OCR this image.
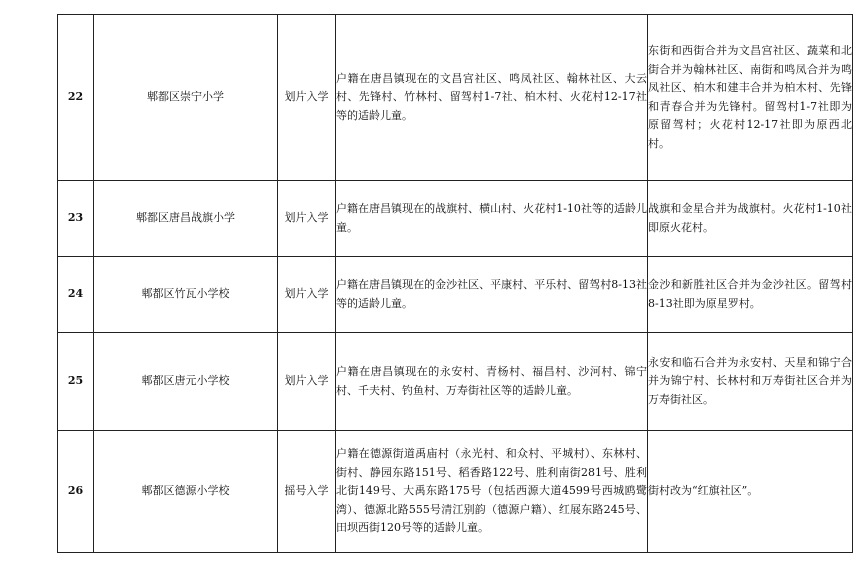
22	郫都区崇宁小学	划片入学	户籍在唐昌镇现在的文昌宫社区、鸣凤社区、翰林社区、大云村、先锋村、竹林村、留驾村1-7社、柏木村、火花村12-17社等的适龄儿童。	东街和西街合并为文昌宫社区、蔬菜和北街合并为翰林社区、南街和鸣凤合并为鸣凤社区、柏木和建丰合并为柏木村、先锋和青春合并为先锋村。留驾村1-7社即为原留驾村；火花村12-17社即为原西北村。
23	郫都区唐昌战旗小学	划片入学	户籍在唐昌镇现在的战旗村、横山村、火花村1-10社等的适龄儿童。	战旗和金星合并为战旗村。火花村1-10社即原火花村。
24	郫都区竹瓦小学校	划片入学	户籍在唐昌镇现在的金沙社区、平康村、平乐村、留驾村8-13社等的适龄儿童。	金沙和新胜社区合并为金沙社区。留驾村8-13社即为原星罗村。
25	郫都区唐元小学校	划片入学	户籍在唐昌镇现在的永安村、青杨村、福昌村、沙河村、锦宁村、千夫村、钓鱼村、万寿街社区等的适龄儿童。	永安和临石合并为永安村、天星和锦宁合并为锦宁村、长林村和万寿街社区合并为万寿街社区。
26	郫都区德源小学校	摇号入学	户籍在德源街道禹庙村（永光村、和众村、平城村）、东林村、街村、静园东路151号、稻香路122号、胜利南街281号、胜利北街149号、大禹东路175号（包括西源大道4599号西城鸥鹭湾）、德源北路555号清江别韵（德源户籍）、红展东路245号、田坝西街120号等的适龄儿童。	街村改为“红旗社区”。
